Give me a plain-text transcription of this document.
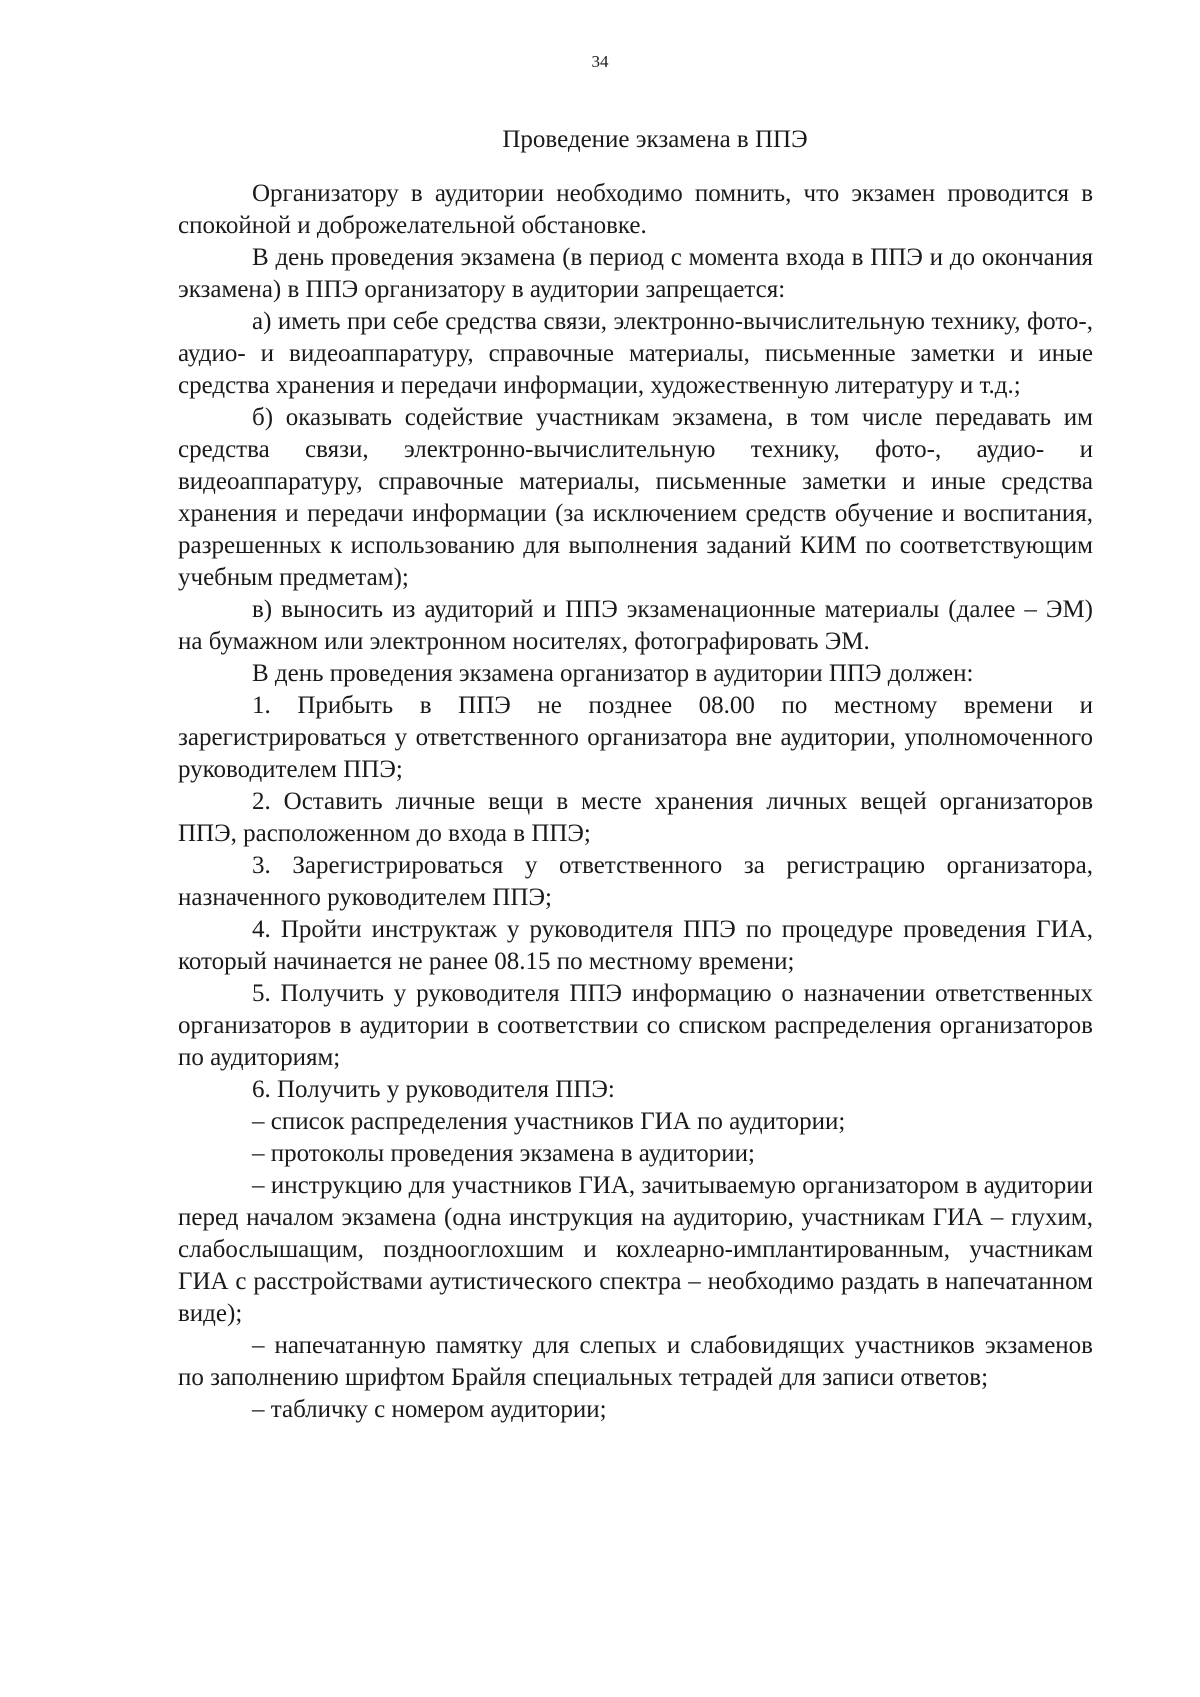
34
Проведение экзамена в ППЭ

Организатору в аудитории необходимо помнить, что экзамен проводится в спокойной и доброжелательной обстановке.

В день проведения экзамена (в период с момента входа в ППЭ и до окончания экзамена) в ППЭ организатору в аудитории запрещается:

а) иметь при себе средства связи, электронно-вычислительную технику, фото-, аудио- и видеоаппаратуру, справочные материалы, письменные заметки и иные средства хранения и передачи информации, художественную литературу и т.д.;

б) оказывать содействие участникам экзамена, в том числе передавать им средства связи, электронно-вычислительную технику, фото-, аудио- и видеоаппаратуру, справочные материалы, письменные заметки и иные средства хранения и передачи информации (за исключением средств обучение и воспитания, разрешенных к использованию для выполнения заданий КИМ по соответствующим учебным предметам);

в) выносить из аудиторий и ППЭ экзаменационные материалы (далее – ЭМ) на бумажном или электронном носителях, фотографировать ЭМ.

В день проведения экзамена организатор в аудитории ППЭ должен:

1. Прибыть в ППЭ не позднее 08.00 по местному времени и зарегистрироваться у ответственного организатора вне аудитории, уполномоченного руководителем ППЭ;

2. Оставить личные вещи в месте хранения личных вещей организаторов ППЭ, расположенном до входа в ППЭ;

3. Зарегистрироваться у ответственного за регистрацию организатора, назначенного руководителем ППЭ;

4. Пройти инструктаж у руководителя ППЭ по процедуре проведения ГИА, который начинается не ранее 08.15 по местному времени;

5. Получить у руководителя ППЭ информацию о назначении ответственных организаторов в аудитории в соответствии со списком распределения организаторов по аудиториям;

6. Получить у руководителя ППЭ:

– список распределения участников ГИА по аудитории;

– протоколы проведения экзамена в аудитории;

– инструкцию для участников ГИА, зачитываемую организатором в аудитории перед началом экзамена (одна инструкция на аудиторию, участникам ГИА – глухим, слабослышащим, позднооглохшим и кохлеарно-имплантированным, участникам ГИА с расстройствами аутистического спектра – необходимо раздать в напечатанном виде);

– напечатанную памятку для слепых и слабовидящих участников экзаменов по заполнению шрифтом Брайля специальных тетрадей для записи ответов;

– табличку с номером аудитории;
